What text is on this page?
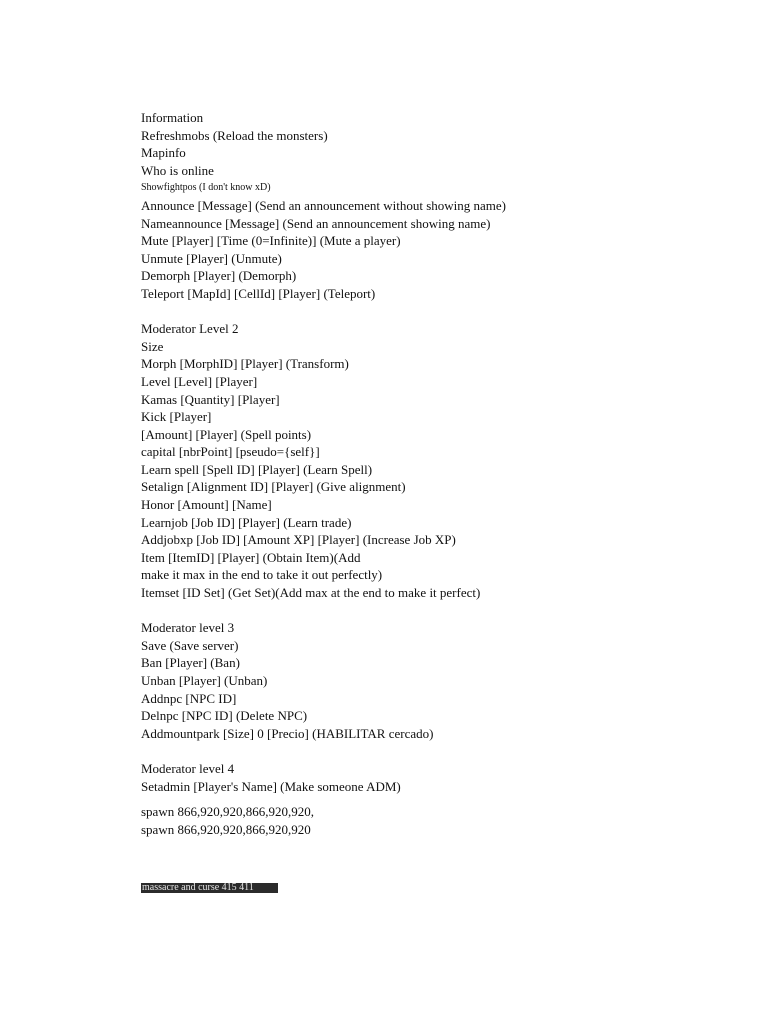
Information
Refreshmobs (Reload the monsters)
Mapinfo
Who is online
Showfightpos (I don't know xD)
Announce [Message] (Send an announcement without showing name)
Nameannounce [Message] (Send an announcement showing name)
Mute [Player] [Time (0=Infinite)] (Mute a player)
Unmute [Player] (Unmute)
Demorph [Player] (Demorph)
Teleport [MapId] [CellId] [Player] (Teleport)
Moderator Level 2
Size
Morph [MorphID] [Player] (Transform)
Level [Level] [Player]
Kamas [Quantity] [Player]
Kick [Player]
[Amount] [Player] (Spell points)
capital [nbrPoint] [pseudo={self}]
Learn spell [Spell ID] [Player] (Learn Spell)
Setalign [Alignment ID] [Player] (Give alignment)
Honor [Amount] [Name]
Learnjob [Job ID] [Player] (Learn trade)
Addjobxp [Job ID] [Amount XP] [Player] (Increase Job XP)
Item [ItemID] [Player] (Obtain Item)(Add
make it max in the end to take it out perfectly)
Itemset [ID Set] (Get Set)(Add max at the end to make it perfect)
Moderator level 3
Save (Save server)
Ban [Player] (Ban)
Unban [Player] (Unban)
Addnpc [NPC ID]
Delnpc [NPC ID] (Delete NPC)
Addmountpark [Size] 0 [Precio] (HABILITAR cercado)
Moderator level 4
Setadmin [Player's Name] (Make someone ADM)
spawn 866,920,920,866,920,920,
spawn 866,920,920,866,920,920
massacre and curse 415 411
